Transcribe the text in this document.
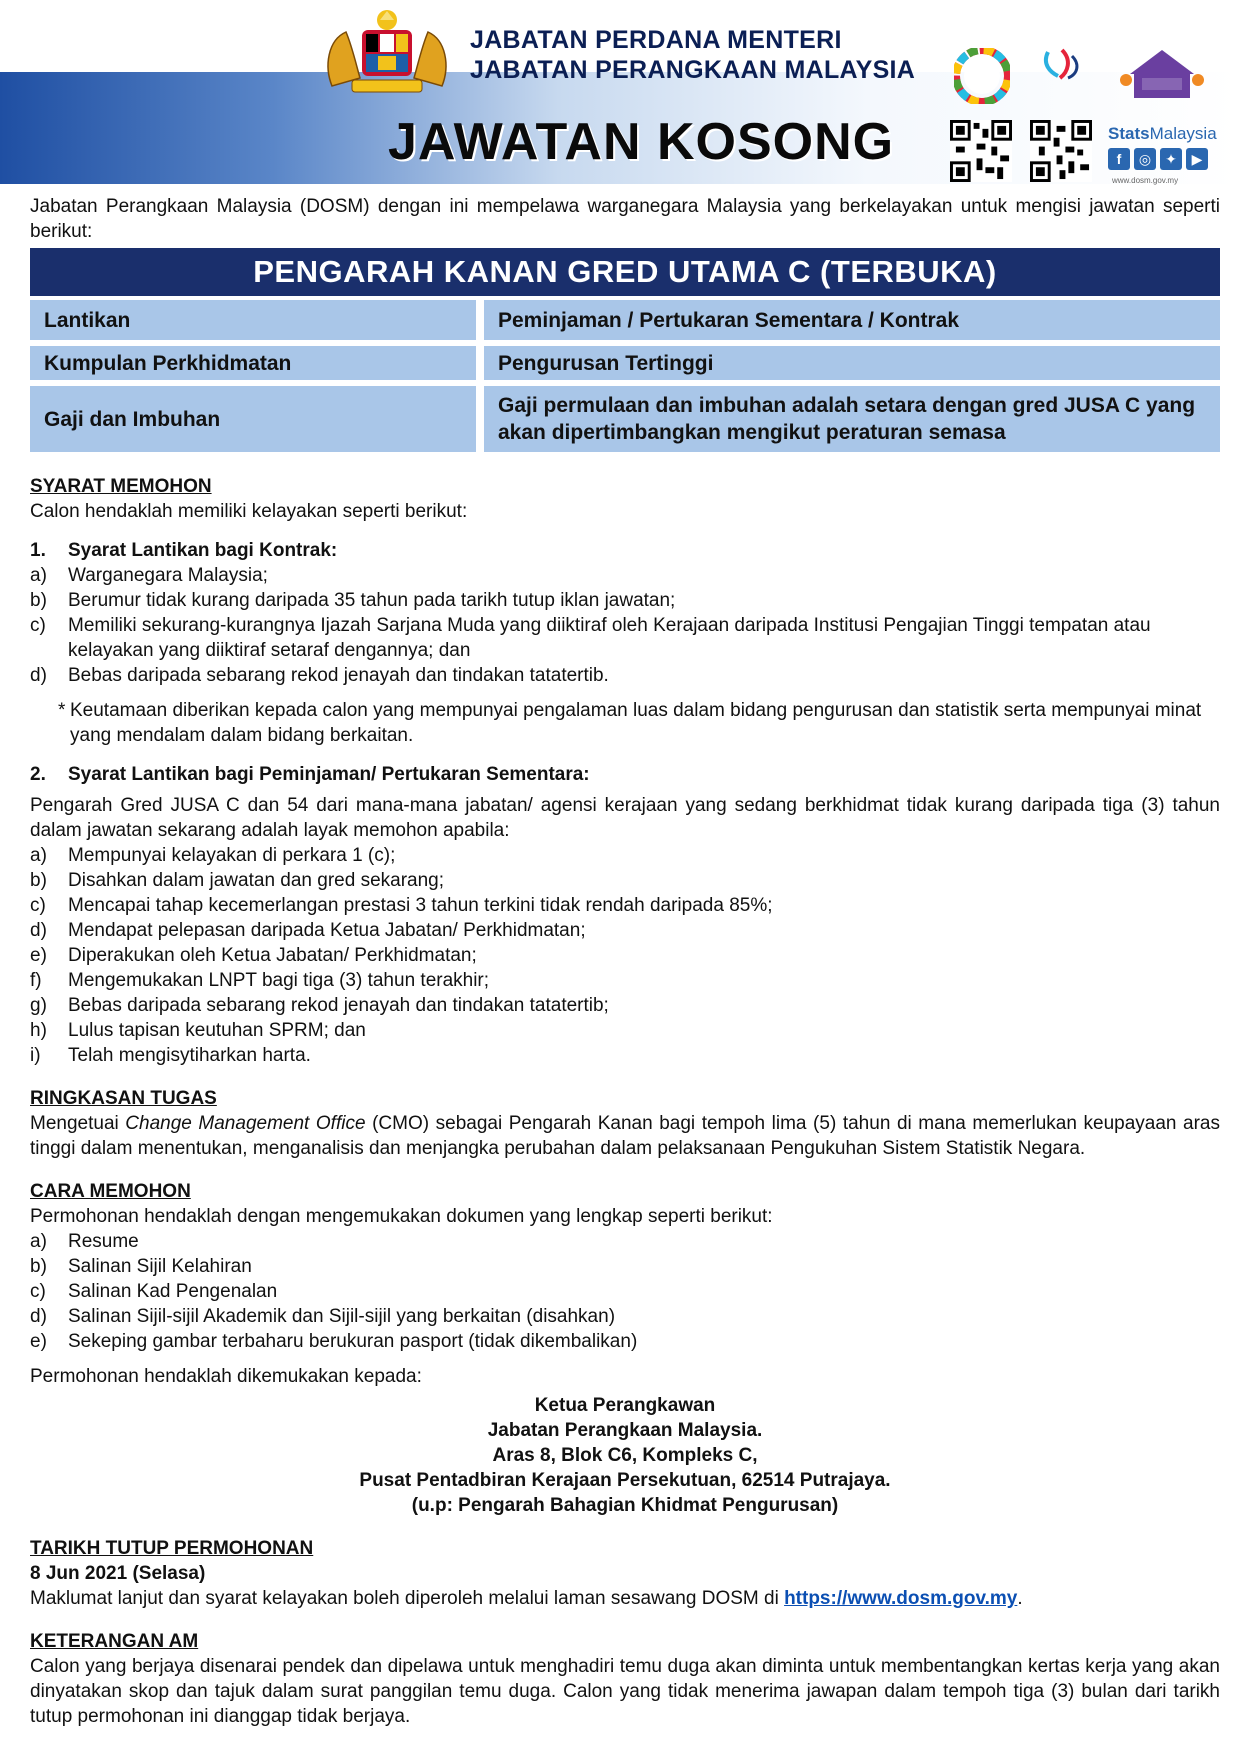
JABATAN PERDANA MENTERI
JABATAN PERANGKAAN MALAYSIA
JAWATAN KOSONG	StatsMalaysia
f	◎	✦	▶
www.dosm.gov.my

Jabatan Perangkaan Malaysia (DOSM) dengan ini mempelawa warganegara Malaysia yang berkelayakan untuk mengisi jawatan seperti berikut:

PENGARAH KANAN GRED UTAMA C (TERBUKA)
Lantikan		Peminjaman / Pertukaran Sementara / Kontrak
Kumpulan Perkhidmatan		Pengurusan Tertinggi
Gaji dan Imbuhan		Gaji permulaan dan imbuhan adalah setara dengan gred JUSA C yang akan dipertimbangkan mengikut peraturan semasa
SYARAT MEMOHON
Calon hendaklah memiliki kelayakan seperti berikut:
1.	Syarat Lantikan bagi Kontrak:
a)	Warganegara Malaysia;
b)	Berumur tidak kurang daripada 35 tahun pada tarikh tutup iklan jawatan;
c)	Memiliki sekurang-kurangnya Ijazah Sarjana Muda yang diiktiraf oleh Kerajaan daripada Institusi Pengajian Tinggi tempatan atau kelayakan yang diiktiraf setaraf dengannya; dan
d)	Bebas daripada sebarang rekod jenayah dan tindakan tatatertib.
* Keutamaan diberikan kepada calon yang mempunyai pengalaman luas dalam bidang pengurusan dan statistik serta mempunyai minat yang mendalam dalam bidang berkaitan.
2.	Syarat Lantikan bagi Peminjaman/ Pertukaran Sementara:
Pengarah Gred JUSA C dan 54 dari mana-mana jabatan/ agensi kerajaan yang sedang berkhidmat tidak kurang daripada tiga (3) tahun dalam jawatan sekarang adalah layak memohon apabila:
a)	Mempunyai kelayakan di perkara 1 (c);
b)	Disahkan dalam jawatan dan gred sekarang;
c)	Mencapai tahap kecemerlangan prestasi 3 tahun terkini tidak rendah daripada 85%;
d)	Mendapat pelepasan daripada Ketua Jabatan/ Perkhidmatan;
e)	Diperakukan oleh Ketua Jabatan/ Perkhidmatan;
f)	Mengemukakan LNPT bagi tiga (3) tahun terakhir;
g)	Bebas daripada sebarang rekod jenayah dan tindakan tatatertib;
h)	Lulus tapisan keutuhan SPRM; dan
i)	Telah mengisytiharkan harta.
RINGKASAN TUGAS
Mengetuai Change Management Office (CMO) sebagai Pengarah Kanan bagi tempoh lima (5) tahun di mana memerlukan keupayaan aras tinggi dalam menentukan, menganalisis dan menjangka perubahan dalam pelaksanaan Pengukuhan Sistem Statistik Negara.
CARA MEMOHON
Permohonan hendaklah dengan mengemukakan dokumen yang lengkap seperti berikut:
a)	Resume
b)	Salinan Sijil Kelahiran
c)	Salinan Kad Pengenalan
d)	Salinan Sijil-sijil Akademik dan Sijil-sijil yang berkaitan (disahkan)
e)	Sekeping gambar terbaharu berukuran pasport (tidak dikembalikan)
Permohonan hendaklah dikemukakan kepada:
Ketua Perangkawan
Jabatan Perangkaan Malaysia.
Aras 8, Blok C6, Kompleks C,
Pusat Pentadbiran Kerajaan Persekutuan, 62514 Putrajaya.
(u.p: Pengarah Bahagian Khidmat Pengurusan)
TARIKH TUTUP PERMOHONAN
8 Jun 2021 (Selasa)
Maklumat lanjut dan syarat kelayakan boleh diperoleh melalui laman sesawang DOSM di https://www.dosm.gov.my.
KETERANGAN AM
Calon yang berjaya disenarai pendek dan dipelawa untuk menghadiri temu duga akan diminta untuk membentangkan kertas kerja yang akan dinyatakan skop dan tajuk dalam surat panggilan temu duga. Calon yang tidak menerima jawapan dalam tempoh tiga (3) bulan dari tarikh tutup permohonan ini dianggap tidak berjaya.
